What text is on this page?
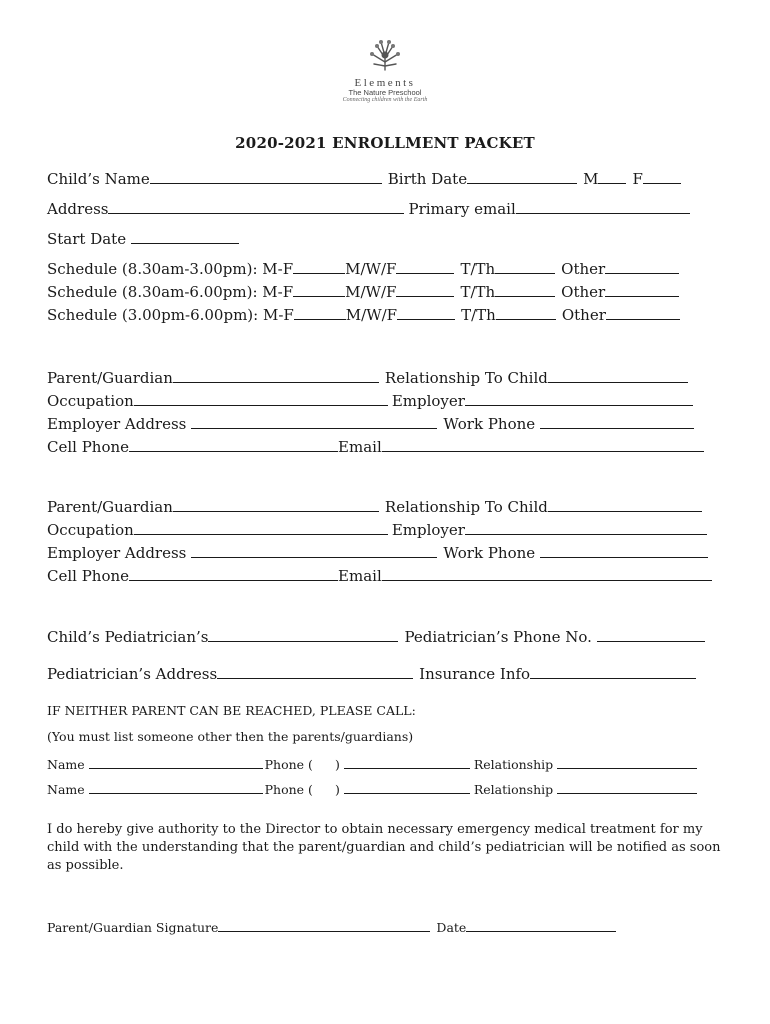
Elements
The Nature Preschool
Connecting children with the Earth
2020-2021 ENROLLMENT PACKET
Child’s Name	Birth Date	M F
Address	Primary email
Start Date
Schedule (8.30am-3.00pm): M-F	M/W/F	T/Th	Other
Schedule (8.30am-6.00pm): M-F	M/W/F	T/Th	Other
Schedule (3.00pm-6.00pm): M-F	M/W/F	T/Th	Other
Parent/Guardian	Relationship To Child
Occupation	Employer
Employer Address	Work Phone
Cell Phone	Email
Parent/Guardian	Relationship To Child
Occupation	Employer
Employer Address	Work Phone
Cell Phone	Email
Child’s Pediatrician’s	Pediatrician’s Phone No.
Pediatrician’s Address	Insurance Info
IF NEITHER PARENT CAN BE REACHED, PLEASE CALL:
(You must list someone other then the parents/guardians)
Name	Phone ( )	Relationship
Name	Phone ( )	Relationship
I do hereby give authority to the Director to obtain necessary emergency medical treatment for my child with the understanding that the parent/guardian and child’s pediatrician will be notified as soon as possible.
Parent/Guardian Signature	Date
